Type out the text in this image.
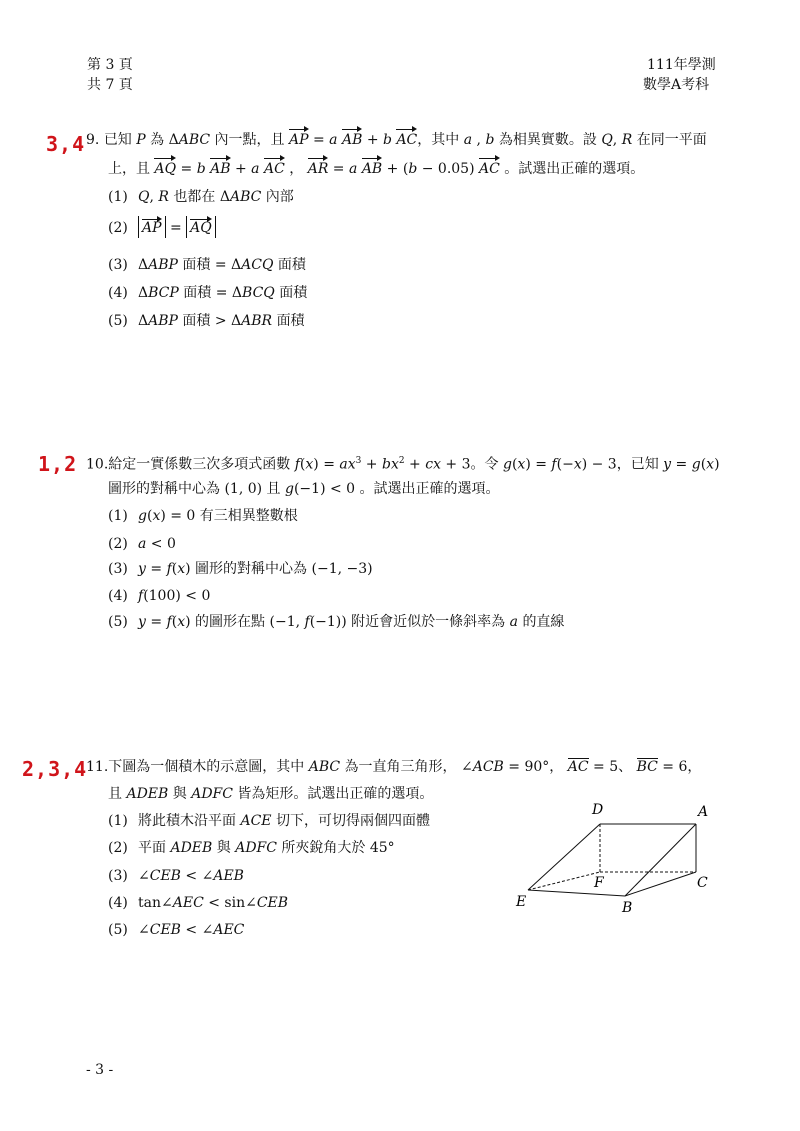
第 3 頁
共 7 頁
111年學測
數學A考科
3,4 9. 已知 P 為 ΔABC 內一點，且 AP = a AB + b AC，其中 a , b 為相異實數。設 Q, R 在同一平面
上，且 AQ = b AB + a AC ， AR = a AB + (b − 0.05) AC 。試選出正確的選項。
(1) Q, R 也都在 ΔABC 內部
(2) AP = AQ
(3) ΔABP 面積 = ΔACQ 面積
(4) ΔBCP 面積 = ΔBCQ 面積
(5) ΔABP 面積 > ΔABR 面積
1,2 10.給定一實係數三次多項式函數 $f(x) = ax^3 + bx^2$ + cx + 3。令 g(x) = f(−x) − 3，已知 y = g(x)
圖形的對稱中心為 (1, 0) 且 g(−1) < 0 。試選出正確的選項。
(1) g(x) = 0 有三相異整數根
(2) a < 0
(3) y = f(x) 圖形的對稱中心為 (−1, −3)
(4) f(100) < 0
(5) y = f(x) 的圖形在點 (−1, f(−1)) 附近會近似於一條斜率為 a 的直線
2,3,4
11.下圖為一個積木的示意圖，其中 ABC 為一直角三角形， ∠ACB = 90°， AC = 5、 BC = 6，
且 ADEB 與 ADFC 皆為矩形。試選出正確的選項。
(1) 將此積木沿平面 ACE 切下，可切得兩個四面體
(2) 平面 ADEB 與 ADFC 所夾銳角大於 45°
(3) ∠CEB < ∠AEB
(4) tan∠AEC < sin∠CEB
(5) ∠CEB < ∠AEC
D	A
F	C
E	B
- 3 -
